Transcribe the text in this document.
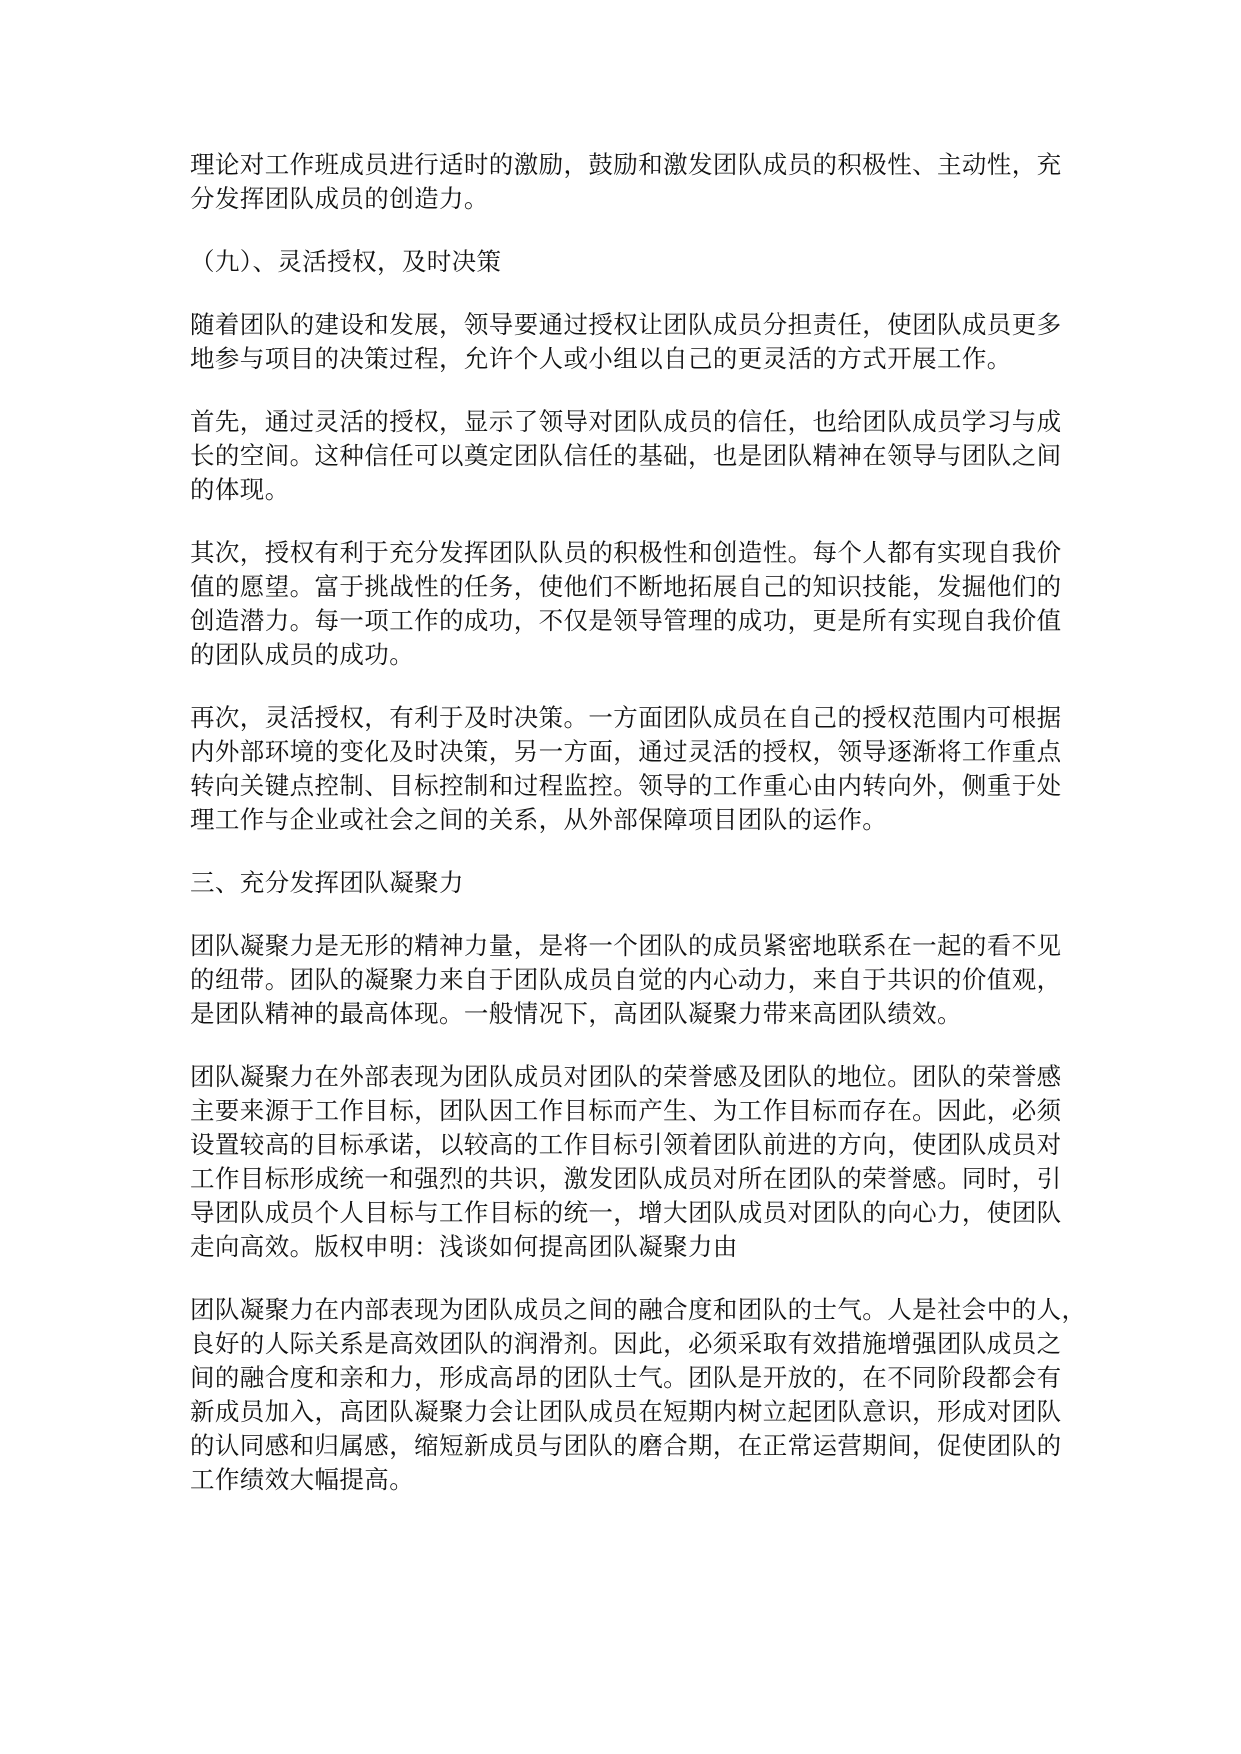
理论对工作班成员进行适时的激励，鼓励和激发团队成员的积极性、主动性，充
分发挥团队成员的创造力。

（九）、灵活授权，及时决策

随着团队的建设和发展，领导要通过授权让团队成员分担责任，使团队成员更多
地参与项目的决策过程，允许个人或小组以自己的更灵活的方式开展工作。

首先，通过灵活的授权，显示了领导对团队成员的信任，也给团队成员学习与成
长的空间。这种信任可以奠定团队信任的基础，也是团队精神在领导与团队之间
的体现。

其次，授权有利于充分发挥团队队员的积极性和创造性。每个人都有实现自我价
值的愿望。富于挑战性的任务，使他们不断地拓展自己的知识技能，发掘他们的
创造潜力。每一项工作的成功，不仅是领导管理的成功，更是所有实现自我价值
的团队成员的成功。

再次，灵活授权，有利于及时决策。一方面团队成员在自己的授权范围内可根据
内外部环境的变化及时决策，另一方面，通过灵活的授权，领导逐渐将工作重点
转向关键点控制、目标控制和过程监控。领导的工作重心由内转向外，侧重于处
理工作与企业或社会之间的关系，从外部保障项目团队的运作。

三、充分发挥团队凝聚力

团队凝聚力是无形的精神力量，是将一个团队的成员紧密地联系在一起的看不见
的纽带。团队的凝聚力来自于团队成员自觉的内心动力，来自于共识的价值观，
是团队精神的最高体现。一般情况下，高团队凝聚力带来高团队绩效。

团队凝聚力在外部表现为团队成员对团队的荣誉感及团队的地位。团队的荣誉感
主要来源于工作目标，团队因工作目标而产生、为工作目标而存在。因此，必须
设置较高的目标承诺，以较高的工作目标引领着团队前进的方向，使团队成员对
工作目标形成统一和强烈的共识，激发团队成员对所在团队的荣誉感。同时，引
导团队成员个人目标与工作目标的统一，增大团队成员对团队的向心力，使团队
走向高效。版权申明：浅谈如何提高团队凝聚力由

团队凝聚力在内部表现为团队成员之间的融合度和团队的士气。人是社会中的人，
良好的人际关系是高效团队的润滑剂。因此，必须采取有效措施增强团队成员之
间的融合度和亲和力，形成高昂的团队士气。团队是开放的，在不同阶段都会有
新成员加入，高团队凝聚力会让团队成员在短期内树立起团队意识，形成对团队
的认同感和归属感，缩短新成员与团队的磨合期，在正常运营期间，促使团队的
工作绩效大幅提高。
